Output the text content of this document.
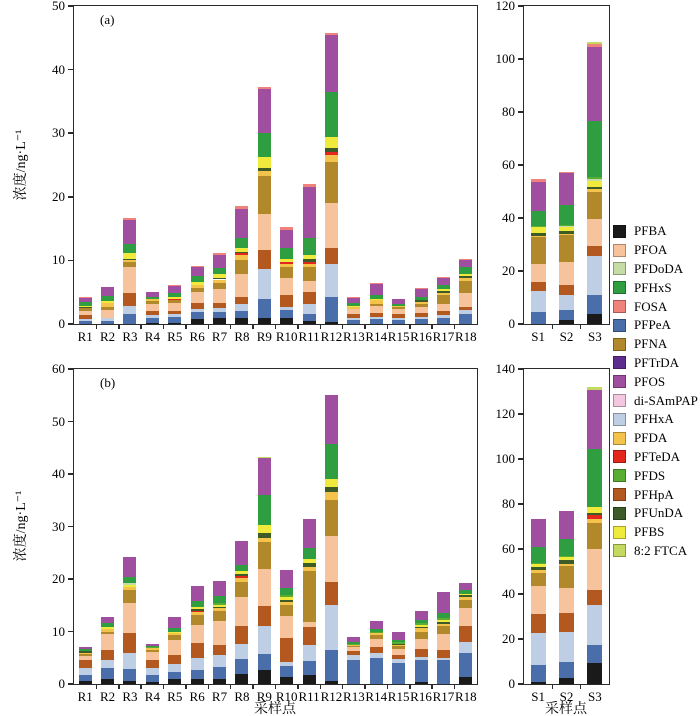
0
10
20
30
40
50
R1 R2 R3 R4 R5 R6 R7 R8 R9 R10 R11 R12 R13 R14 R15 R16 R17 R18
0
20
40
60
80
100
120
S1 S2 S3
(a)
浓度/ng·L⁻¹
0
10
20
30
40
50
60
R1 R2 R3 R4 R5 R6 R7 R8 R9 R10 R11 R12 R13 R14 R15 R16 R17 R18
0
20
40
60
80
100
120
140
S1 S2 S3
(b)
浓度/ng·L⁻¹
采样点	采样点
PFBA
PFOA
PFDoDA
PFHxS
FOSA
PFPeA
PFNA
PFTrDA
PFOS
di-SAmPAP
PFHxA
PFDA
PFTeDA
PFDS
PFHpA
PFUnDA
PFBS
8:2 FTCA
